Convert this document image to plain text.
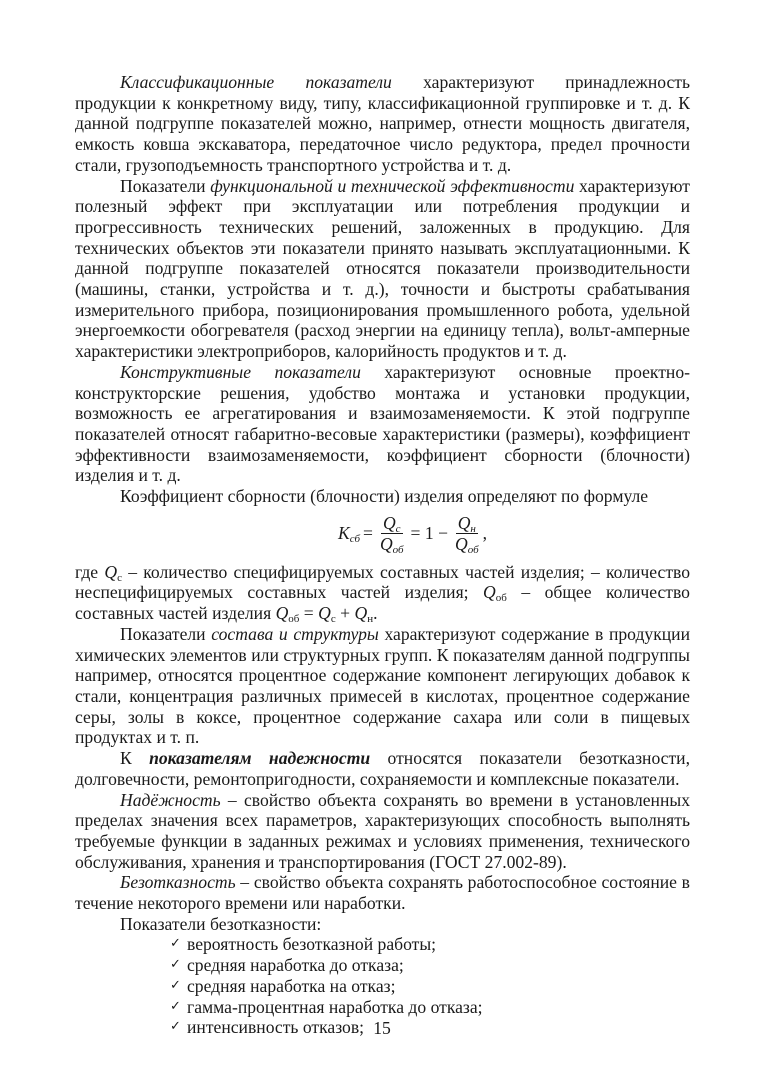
Классификационные показатели характеризуют принадлежность продукции к конкретному виду, типу, классификационной группировке и т. д. К данной подгруппе показателей можно, например, отнести мощность двигателя, емкость ковша экскаватора, передаточное число редуктора, предел прочности стали, грузоподъемность транспортного устройства и т. д.

Показатели функциональной и технической эффективности характеризуют полезный эффект при эксплуатации или потребления продукции и прогрессивность технических решений, заложенных в продукцию. Для технических объектов эти показатели принято называть эксплуатационными. К данной подгруппе показателей относятся показатели производительности (машины, станки, устройства и т. д.), точности и быстроты срабатывания измерительного прибора, позиционирования промышленного робота, удельной энергоемкости обогревателя (расход энергии на единицу тепла), вольт-амперные характеристики электроприборов, калорийность продуктов и т. д.

Конструктивные показатели характеризуют основные проектно-конструкторские решения, удобство монтажа и установки продукции, возможность ее агрегатирования и взаимозаменяемости. К этой подгруппе показателей относят габаритно-весовые характеристики (размеры), коэффициент эффективности взаимозаменяемости, коэффициент сборности (блочности) изделия и т. д.

Коэффициент сборности (блочности) изделия определяют по формуле

$K_{сб} = \frac{Q_c}{Q_{об}} = 1 - \frac{Q_н}{Q_{об}}$ ,

где $Q_с$ – количество специфицируемых составных частей изделия; – количество неспецифицируемых составных частей изделия; $Q_{об}$ – общее количество составных частей изделия $Q_{об} = Q_с + Q_н$.

Показатели состава и структуры характеризуют содержание в продукции химических элементов или структурных групп. К показателям данной подгруппы например, относятся процентное содержание компонент легирующих добавок к стали, концентрация различных примесей в кислотах, процентное содержание серы, золы в коксе, процентное содержание сахара или соли в пищевых продуктах и т. п.

К показателям надежности относятся показатели безотказности, долговечности, ремонтопригодности, сохраняемости и комплексные показатели.

Надёжность – свойство объекта сохранять во времени в установленных пределах значения всех параметров, характеризующих способность выполнять требуемые функции в заданных режимах и условиях применения, технического обслуживания, хранения и транспортирования (ГОСТ 27.002-89).

Безотказность – свойство объекта сохранять работоспособное состояние в течение некоторого времени или наработки.

Показатели безотказности:

✓ вероятность безотказной работы;
✓ средняя наработка до отказа;
✓ средняя наработка на отказ;
✓ гамма-процентная наработка до отказа;
✓ интенсивность отказов; 15
